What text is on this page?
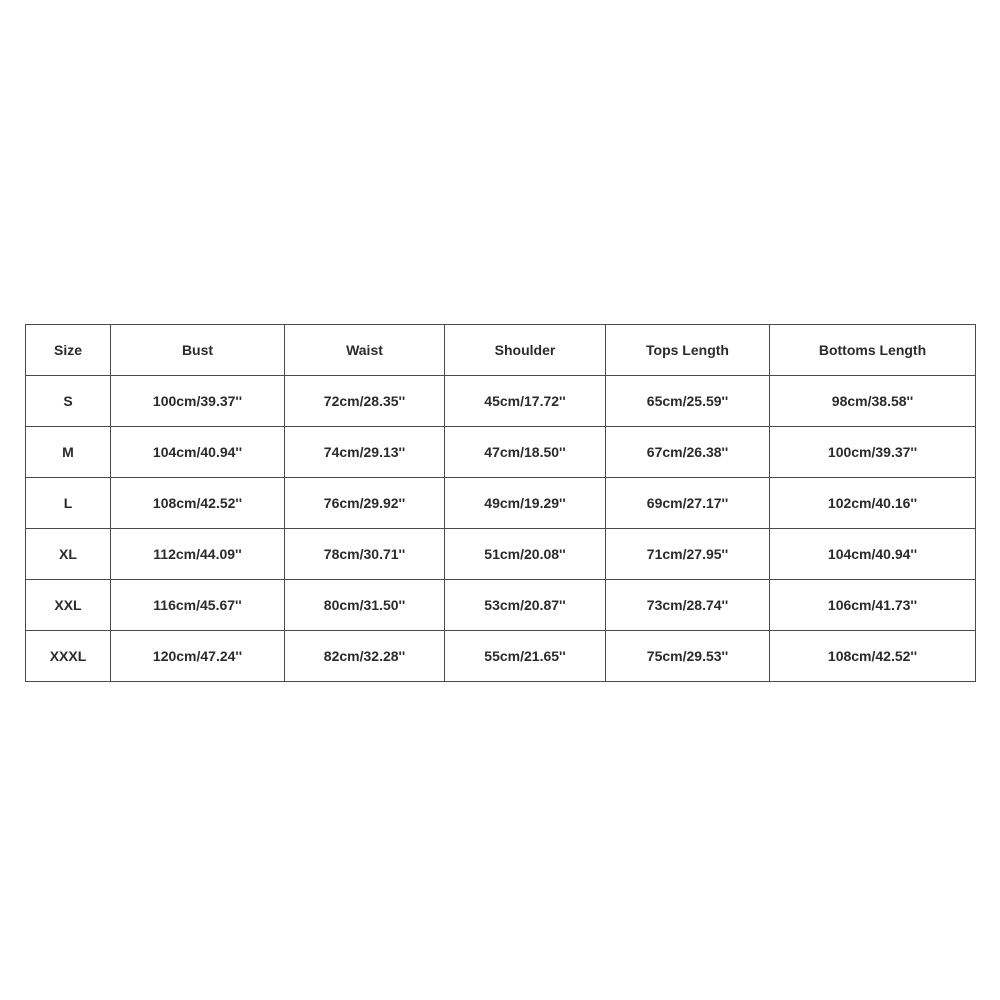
Size	Bust	Waist	Shoulder	Tops Length	Bottoms Length
S	100cm/39.37''	72cm/28.35''	45cm/17.72''	65cm/25.59''	98cm/38.58''
M	104cm/40.94''	74cm/29.13''	47cm/18.50''	67cm/26.38''	100cm/39.37''
L	108cm/42.52''	76cm/29.92''	49cm/19.29''	69cm/27.17''	102cm/40.16''
XL	112cm/44.09''	78cm/30.71''	51cm/20.08''	71cm/27.95''	104cm/40.94''
XXL	116cm/45.67''	80cm/31.50''	53cm/20.87''	73cm/28.74''	106cm/41.73''
XXXL	120cm/47.24''	82cm/32.28''	55cm/21.65''	75cm/29.53''	108cm/42.52''
